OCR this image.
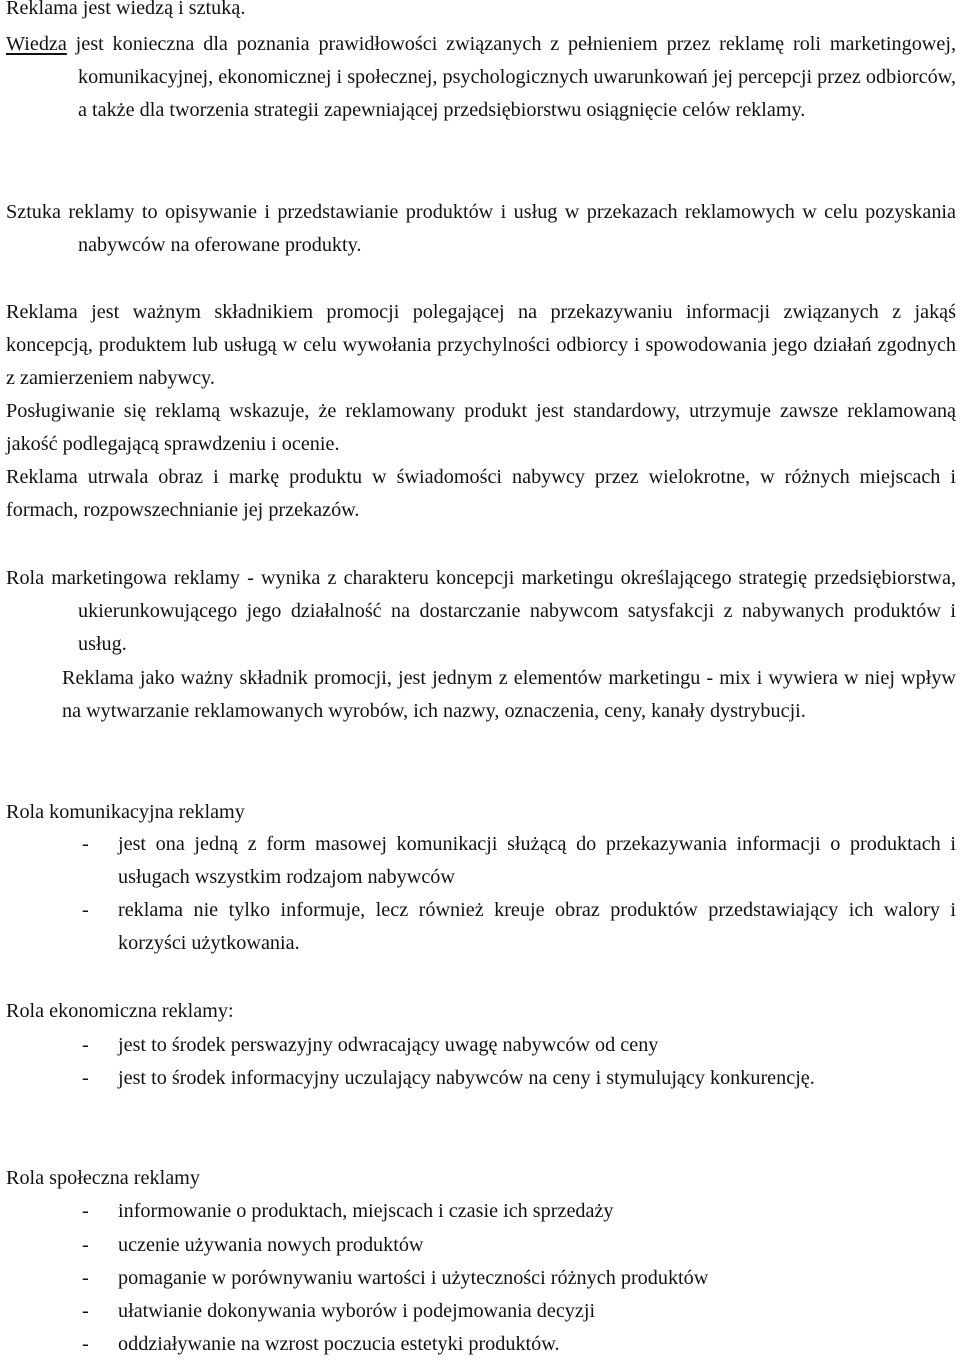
Reklama jest wiedzą i sztuką.

Wiedza jest konieczna dla poznania prawidłowości związanych z pełnieniem przez reklamę roli marketingowej, komunikacyjnej, ekonomicznej i społecznej, psychologicznych uwarunkowań jej percepcji przez odbiorców, a także dla tworzenia strategii zapewniającej przedsiębiorstwu osiągnięcie celów reklamy.

Sztuka reklamy to opisywanie i przedstawianie produktów i usług w przekazach reklamowych w celu pozyskania nabywców na oferowane produkty.

Reklama jest ważnym składnikiem promocji polegającej na przekazywaniu informacji związanych z jakąś koncepcją, produktem lub usługą w celu wywołania przychylności odbiorcy i spowodowania jego działań zgodnych z zamierzeniem nabywcy.

Posługiwanie się reklamą wskazuje, że reklamowany produkt jest standardowy, utrzymuje zawsze reklamowaną jakość podlegającą sprawdzeniu i ocenie.

Reklama utrwala obraz i markę produktu w świadomości nabywcy przez wielokrotne, w różnych miejscach i formach, rozpowszechnianie jej przekazów.

Rola marketingowa reklamy - wynika z charakteru koncepcji marketingu określającego strategię przedsiębiorstwa, ukierunkowującego jego działalność na dostarczanie nabywcom satysfakcji z nabywanych produktów i usług.

Reklama jako ważny składnik promocji, jest jednym z elementów marketingu - mix i wywiera w niej wpływ na wytwarzanie reklamowanych wyrobów, ich nazwy, oznaczenia, ceny, kanały dystrybucji.

Rola komunikacyjna reklamy
- jest ona jedną z form masowej komunikacji służącą do przekazywania informacji o produktach i usługach wszystkim rodzajom nabywców
- reklama nie tylko informuje, lecz również kreuje obraz produktów przedstawiający ich walory i korzyści użytkowania.
Rola ekonomiczna reklamy:
- jest to środek perswazyjny odwracający uwagę nabywców od ceny
- jest to środek informacyjny uczulający nabywców na ceny i stymulujący konkurencję.
Rola społeczna reklamy
- informowanie o produktach, miejscach i czasie ich sprzedaży
- uczenie używania nowych produktów
- pomaganie w porównywaniu wartości i użyteczności różnych produktów
- ułatwianie dokonywania wyborów i podejmowania decyzji
- oddziaływanie na wzrost poczucia estetyki produktów.
